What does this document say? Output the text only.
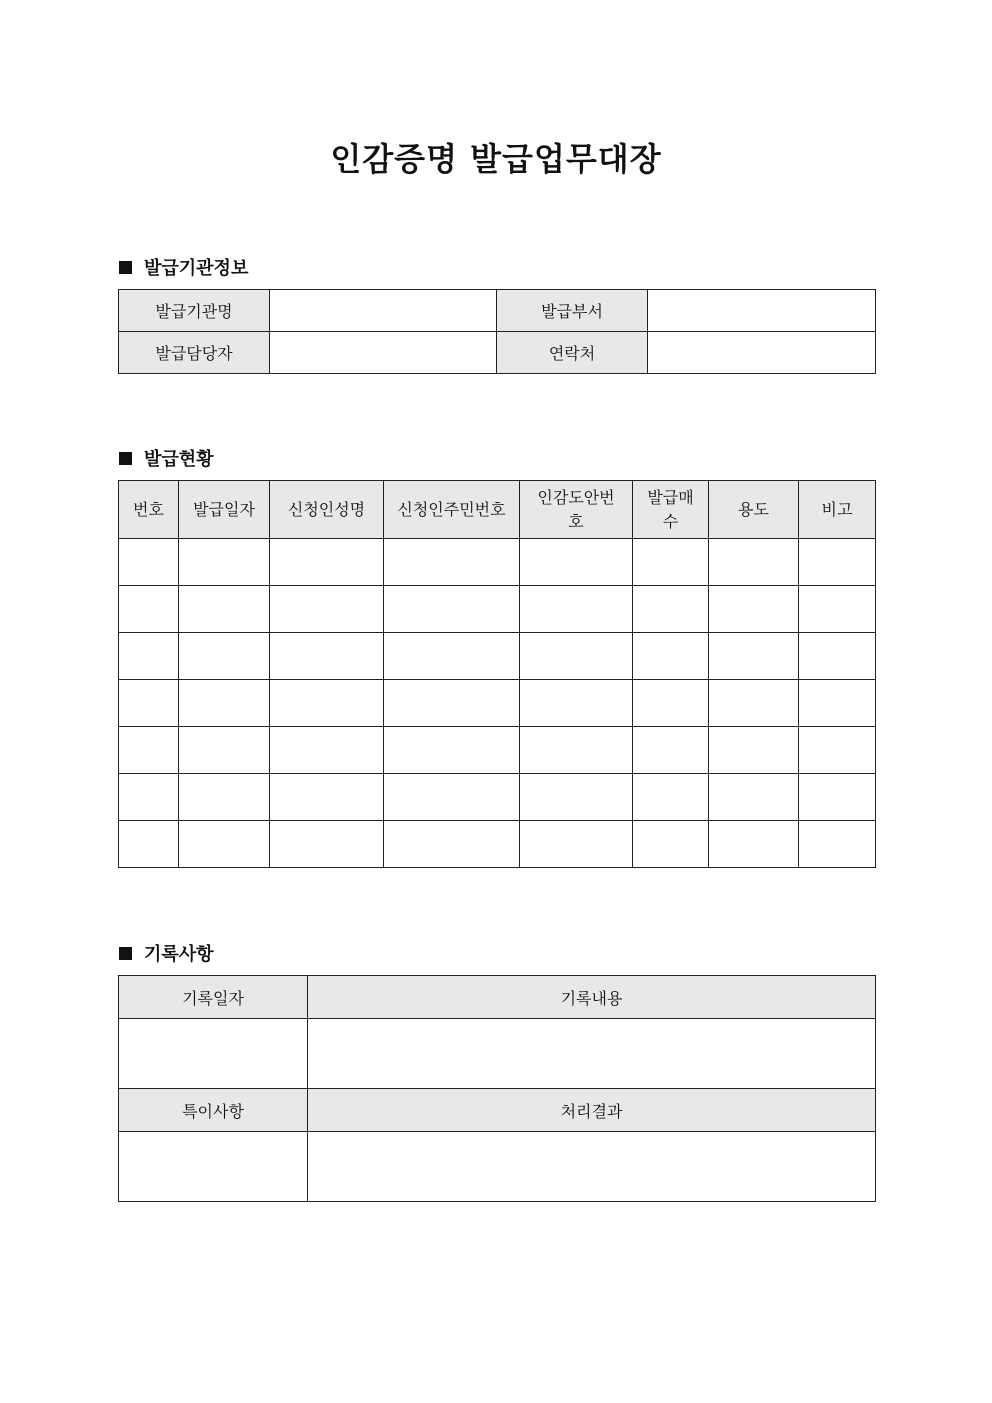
인감증명 발급업무대장
발급기관정보
발급기관명		발급부서	
발급담당자		연락처	
발급현황
번호	발급일자	신청인성명	신청인주민번호	인감도안번호	발급매수	용도	비고

기록사항
기록일자	기록내용

특이사항	처리결과
